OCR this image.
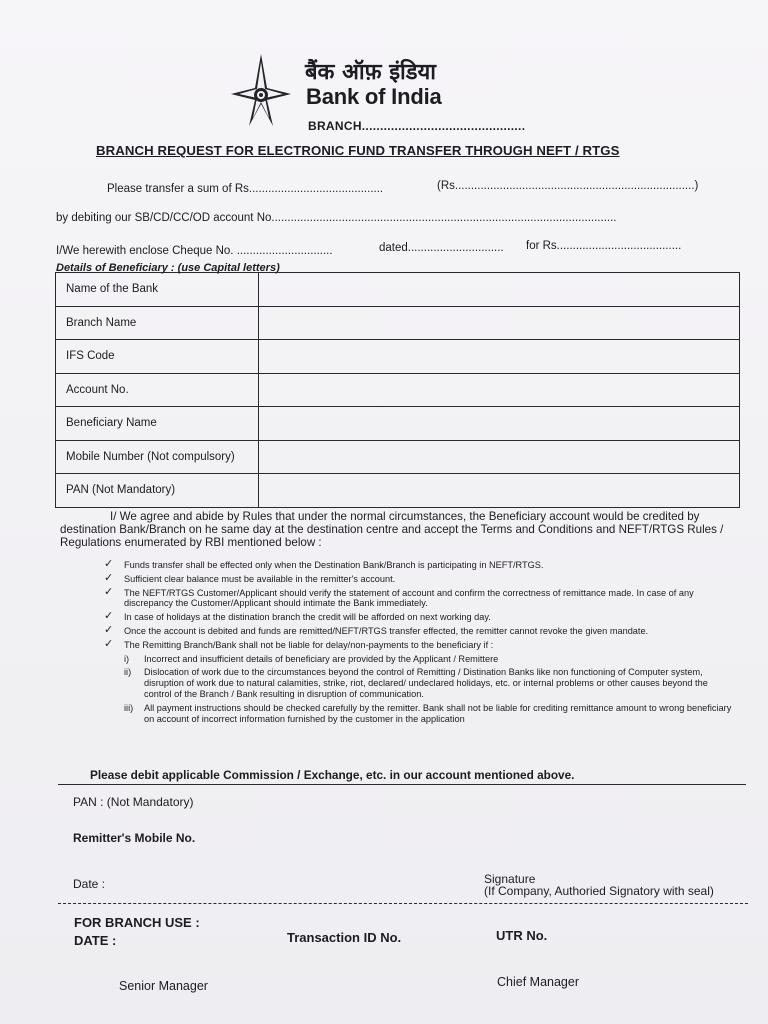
बैंक ऑफ़ इंडिया
Bank of India
BRANCH.............................................
BRANCH REQUEST FOR ELECTRONIC FUND TRANSFER THROUGH NEFT / RTGS
Please transfer a sum of Rs..........................................	(Rs...........................................................................)
by debiting our SB/CD/CC/OD account No............................................................................................................
I/We herewith enclose Cheque No. ..............................	dated.............................. for Rs.......................................
Details of Beneficiary : (use Capital letters)
Name of the Bank	
Branch Name	
IFS Code	
Account No.	
Beneficiary Name	
Mobile Number (Not compulsory)	
PAN (Not Mandatory)	
I/ We agree and abide by Rules that under the normal circumstances, the Beneficiary account would be credited by destination Bank/Branch on he same day at the destination centre and accept the Terms and Conditions and NEFT/RTGS Rules / Regulations enumerated by RBI mentioned below :
✓ Funds transfer shall be effected only when the Destination Bank/Branch is participating in NEFT/RTGS.
✓ Sufficient clear balance must be available in the remitter's account.
✓ The NEFT/RTGS Customer/Applicant should verify the statement of account and confirm the correctness of remittance made. In case of any discrepancy the Customer/Applicant should intimate the Bank immediately.
✓ In case of holidays at the distination branch the credit will be afforded on next working day.
✓ Once the account is debited and funds are remitted/NEFT/RTGS transfer effected, the remitter cannot revoke the given mandate.
✓ The Remitting Branch/Bank shall not be liable for delay/non-payments to the beneficiary if :
i) Incorrect and insufficient details of beneficiary are provided by the Applicant / Remittere
ii) Dislocation of work due to the circumstances beyond the control of Remitting / Distination Banks like non functioning of Computer system, disruption of work due to natural calamities, strike, riot, declared/ undeclared holidays, etc. or internal problems or other causes beyond the control of the Branch / Bank resulting in disruption of communication.
iii) All payment instructions should be checked carefully by the remitter. Bank shall not be liable for crediting remittance amount to wrong beneficiary on account of incorrect information furnished by the customer in the application
Please debit applicable Commission / Exchange, etc. in our account mentioned above.
PAN : (Not Mandatory)
Remitter's Mobile No.
Date :	Signature
(If Company, Authoried Signatory with seal)
FOR BRANCH USE :
DATE :	Transaction ID No.	UTR No.
Senior Manager	Chief Manager
